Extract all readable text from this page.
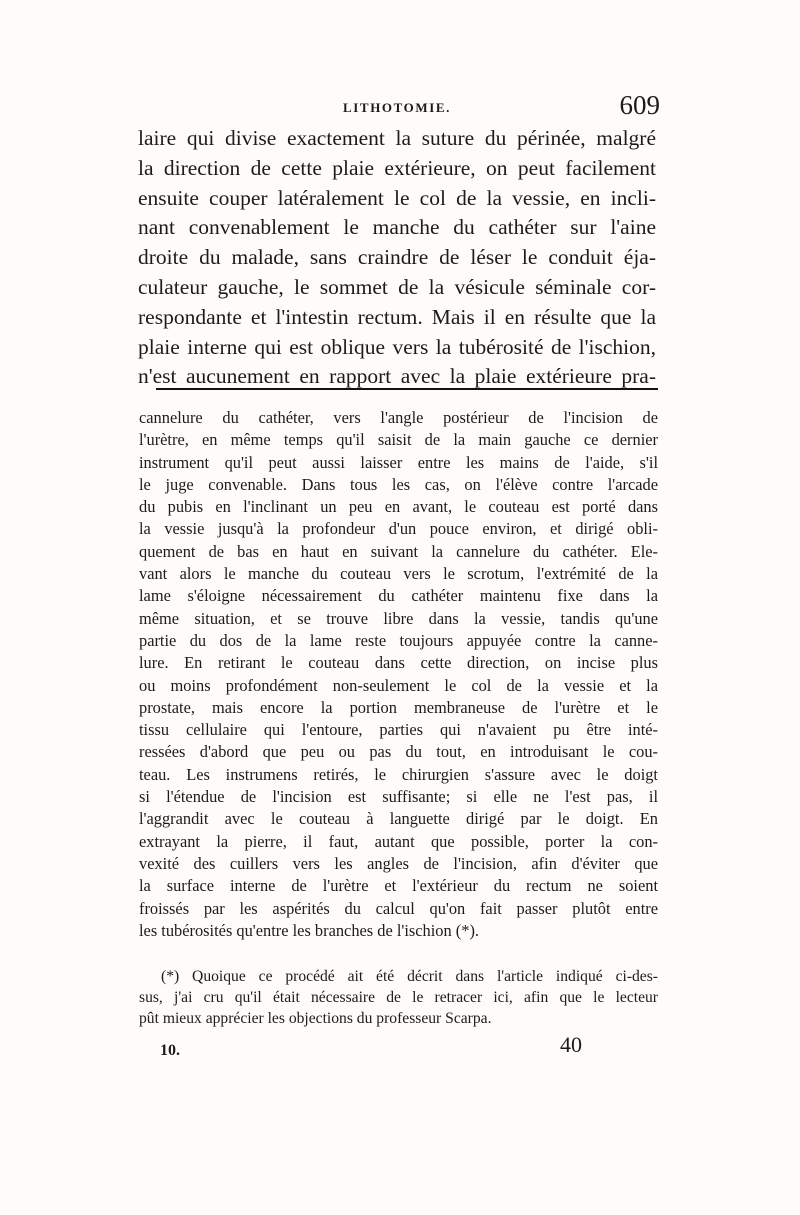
LITHOTOMIE.	609
laire qui divise exactement la suture du périnée, malgré
la direction de cette plaie extérieure, on peut facilement
ensuite couper latéralement le col de la vessie, en incli-
nant convenablement le manche du cathéter sur l'aine
droite du malade, sans craindre de léser le conduit éja-
culateur gauche, le sommet de la vésicule séminale cor-
respondante et l'intestin rectum. Mais il en résulte que la
plaie interne qui est oblique vers la tubérosité de l'ischion,
n'est aucunement en rapport avec la plaie extérieure pra-
cannelure du cathéter, vers l'angle postérieur de l'incision de
l'urètre, en même temps qu'il saisit de la main gauche ce dernier
instrument qu'il peut aussi laisser entre les mains de l'aide, s'il
le juge convenable. Dans tous les cas, on l'élève contre l'arcade
du pubis en l'inclinant un peu en avant, le couteau est porté dans
la vessie jusqu'à la profondeur d'un pouce environ, et dirigé obli-
quement de bas en haut en suivant la cannelure du cathéter. Ele-
vant alors le manche du couteau vers le scrotum, l'extrémité de la
lame s'éloigne nécessairement du cathéter maintenu fixe dans la
même situation, et se trouve libre dans la vessie, tandis qu'une
partie du dos de la lame reste toujours appuyée contre la canne-
lure. En retirant le couteau dans cette direction, on incise plus
ou moins profondément non-seulement le col de la vessie et la
prostate, mais encore la portion membraneuse de l'urètre et le
tissu cellulaire qui l'entoure, parties qui n'avaient pu être inté-
ressées d'abord que peu ou pas du tout, en introduisant le cou-
teau. Les instrumens retirés, le chirurgien s'assure avec le doigt
si l'étendue de l'incision est suffisante; si elle ne l'est pas, il
l'aggrandit avec le couteau à languette dirigé par le doigt. En
extrayant la pierre, il faut, autant que possible, porter la con-
vexité des cuillers vers les angles de l'incision, afin d'éviter que
la surface interne de l'urètre et l'extérieur du rectum ne soient
froissés par les aspérités du calcul qu'on fait passer plutôt entre
les tubérosités qu'entre les branches de l'ischion (*).
(*) Quoique ce procédé ait été décrit dans l'article indiqué ci-des-
sus, j'ai cru qu'il était nécessaire de le retracer ici, afin que le lecteur
pût mieux apprécier les objections du professeur Scarpa.
10.	40
